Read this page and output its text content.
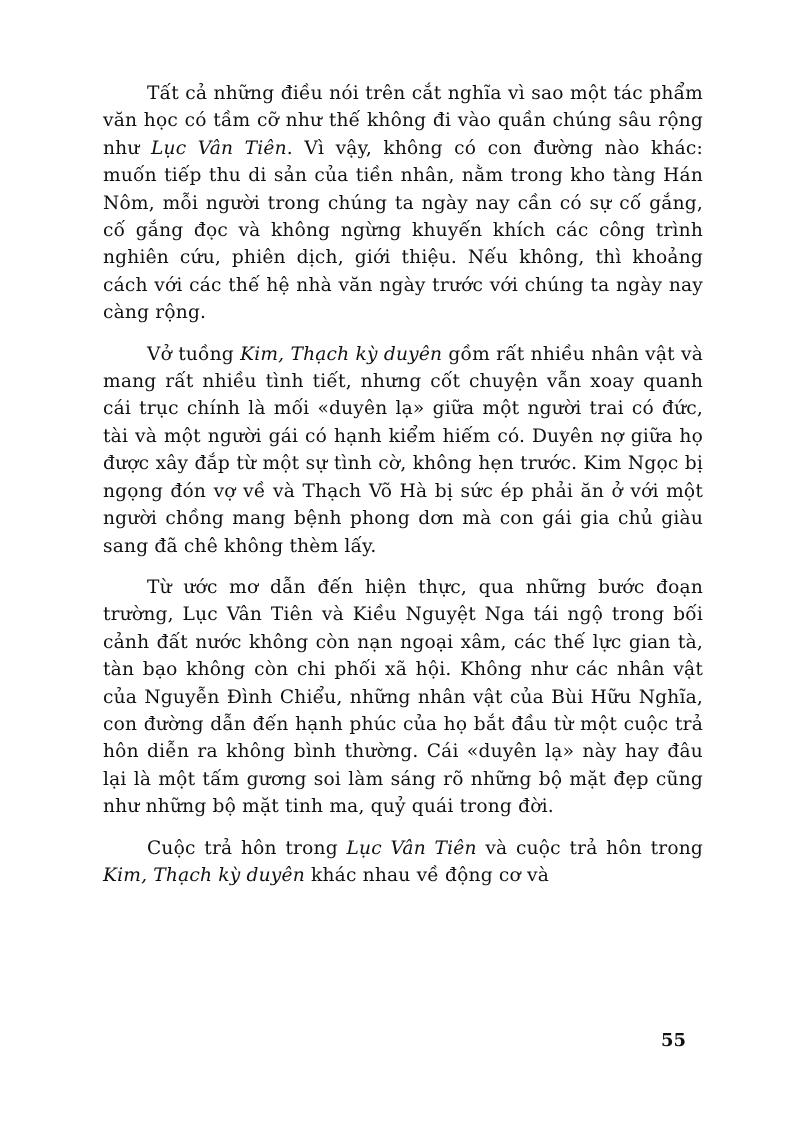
Tất cả những điều nói trên cắt nghĩa vì sao một tác phẩm văn học có tầm cỡ như thế không đi vào quần chúng sâu rộng như Lục Vân Tiên. Vì vậy, không có con đường nào khác: muốn tiếp thu di sản của tiền nhân, nằm trong kho tàng Hán Nôm, mỗi người trong chúng ta ngày nay cần có sự cố gắng, cố gắng đọc và không ngừng khuyến khích các công trình nghiên cứu, phiên dịch, giới thiệu. Nếu không, thì khoảng cách với các thế hệ nhà văn ngày trước với chúng ta ngày nay càng rộng.

Vở tuồng Kim, Thạch kỳ duyên gồm rất nhiều nhân vật và mang rất nhiều tình tiết, nhưng cốt chuyện vẫn xoay quanh cái trục chính là mối «duyên lạ» giữa một người trai có đức, tài và một người gái có hạnh kiểm hiếm có. Duyên nợ giữa họ được xây đắp từ một sự tình cờ, không hẹn trước. Kim Ngọc bị ngọng đón vợ về và Thạch Võ Hà bị sức ép phải ăn ở với một người chồng mang bệnh phong dơn mà con gái gia chủ giàu sang đã chê không thèm lấy.

Từ ước mơ dẫn đến hiện thực, qua những bước đoạn trường, Lục Vân Tiên và Kiều Nguyệt Nga tái ngộ trong bối cảnh đất nước không còn nạn ngoại xâm, các thế lực gian tà, tàn bạo không còn chi phối xã hội. Không như các nhân vật của Nguyễn Đình Chiểu, những nhân vật của Bùi Hữu Nghĩa, con đường dẫn đến hạnh phúc của họ bắt đầu từ một cuộc trả hôn diễn ra không bình thường. Cái «duyên lạ» này hay đâu lại là một tấm gương soi làm sáng rõ những bộ mặt đẹp cũng như những bộ mặt tinh ma, quỷ quái trong đời.

Cuộc trả hôn trong Lục Vân Tiên và cuộc trả hôn trong Kim, Thạch kỳ duyên khác nhau về động cơ và

55
